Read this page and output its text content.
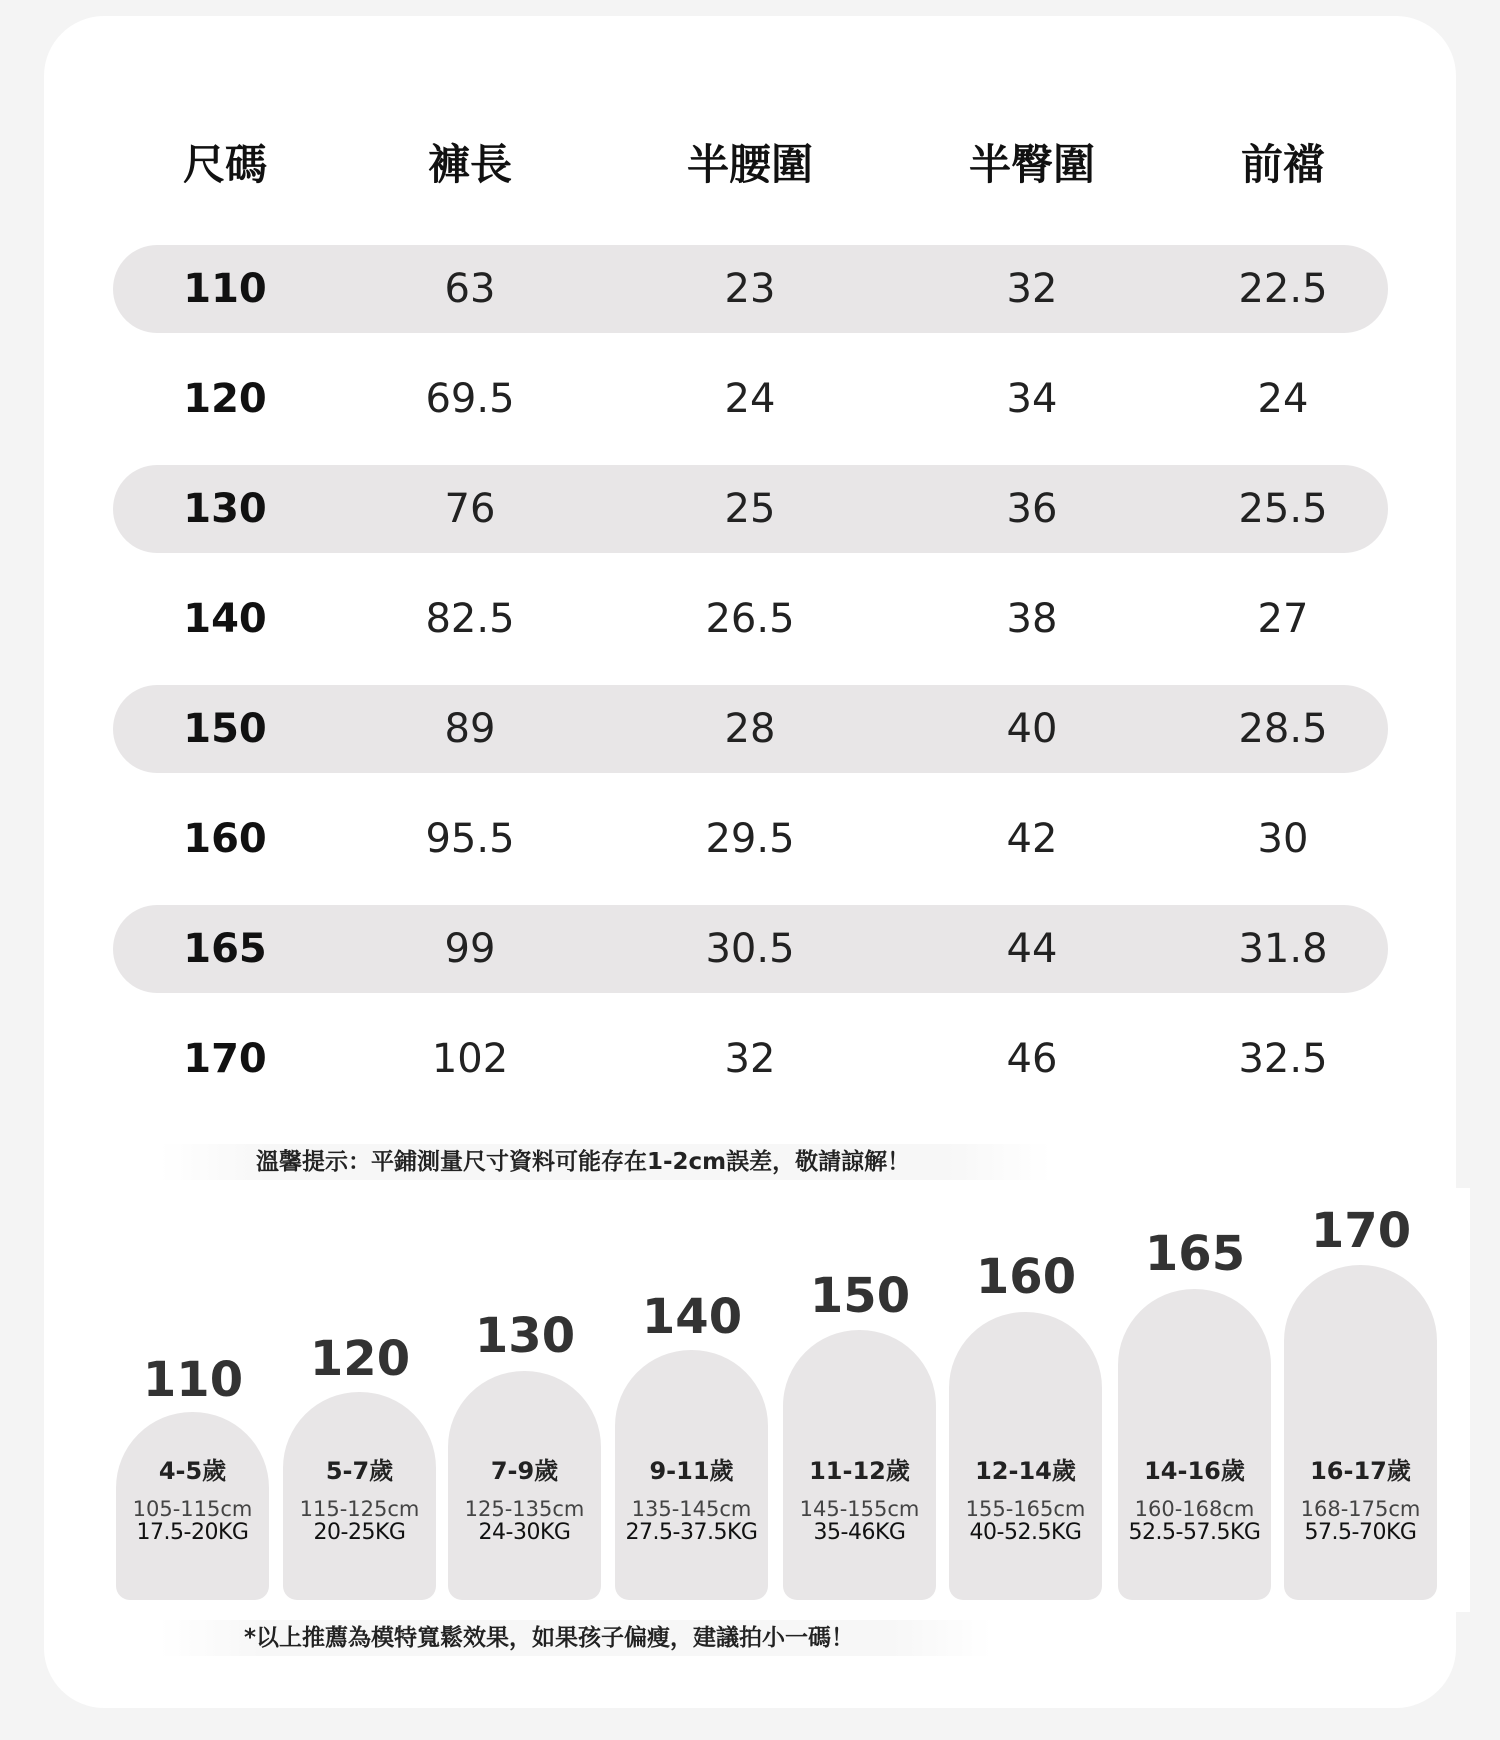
尺碼	褲長	半腰圍	半臀圍	前襠
110	63	23	32	22.5
120	69.5	24	34	24
130	76	25	36	25.5
140	82.5	26.5	38	27
150	89	28	40	28.5
160	95.5	29.5	42	30
165	99	30.5	44	31.8
170	102	32	46	32.5
溫馨提示：平鋪測量尺寸資料可能存在1-2cm誤差，敬請諒解！
110
4-5歲
105-115cm
17.5-20KG
120
5-7歲
115-125cm
20-25KG
130
7-9歲
125-135cm
24-30KG
140
9-11歲
135-145cm
27.5-37.5KG
150
11-12歲
145-155cm
35-46KG
160
12-14歲
155-165cm
40-52.5KG
165
14-16歲
160-168cm
52.5-57.5KG
170
16-17歲
168-175cm
57.5-70KG
*以上推薦為模特寬鬆效果，如果孩子偏瘦，建議拍小一碼！
